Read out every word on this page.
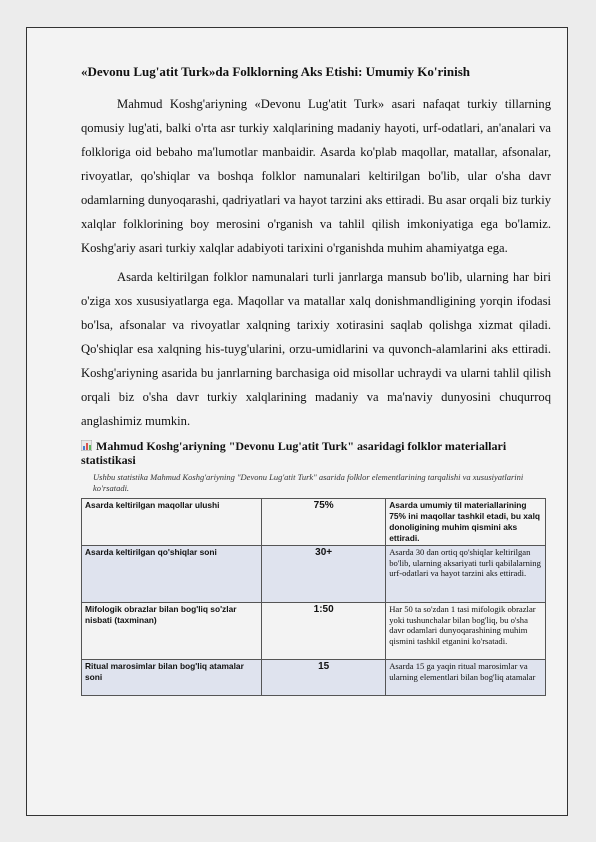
«Devonu Lug'atit Turk»da Folklorning Aks Etishi: Umumiy Ko'rinish

Mahmud Koshg'ariyning «Devonu Lug'atit Turk» asari nafaqat turkiy tillarning qomusiy lug'ati, balki o'rta asr turkiy xalqlarining madaniy hayoti, urf-odatlari, an'analari va folkloriga oid bebaho ma'lumotlar manbaidir. Asarda ko'plab maqollar, matallar, afsonalar, rivoyatlar, qo'shiqlar va boshqa folklor namunalari keltirilgan bo'lib, ular o'sha davr odamlarning dunyoqarashi, qadriyatlari va hayot tarzini aks ettiradi. Bu asar orqali biz turkiy xalqlar folklorining boy merosini o'rganish va tahlil qilish imkoniyatiga ega bo'lamiz. Koshg'ariy asari turkiy xalqlar adabiyoti tarixini o'rganishda muhim ahamiyatga ega.

Asarda keltirilgan folklor namunalari turli janrlarga mansub bo'lib, ularning har biri o'ziga xos xususiyatlarga ega. Maqollar va matallar xalq donishmandligining yorqin ifodasi bo'lsa, afsonalar va rivoyatlar xalqning tarixiy xotirasini saqlab qolishga xizmat qiladi. Qo'shiqlar esa xalqning his-tuyg'ularini, orzu-umidlarini va quvonch-alamlarini aks ettiradi. Koshg'ariyning asarida bu janrlarning barchasiga oid misollar uchraydi va ularni tahlil qilish orqali biz o'sha davr turkiy xalqlarining madaniy va ma'naviy dunyosini chuqurroq anglashimiz mumkin.

Mahmud Koshg'ariyning "Devonu Lug'atit Turk" asaridagi folklor materiallari statistikasi
Ushbu statistika Mahmud Koshg'ariyning "Devonu Lug'atit Turk" asarida folklor elementlarining tarqalishi va xususiyatlarini ko'rsatadi.
Asarda keltirilgan maqollar ulushi	75%	Asarda umumiy til materiallarining 75% ini maqollar tashkil etadi, bu xalq donoligining muhim qismini aks ettiradi.
Asarda keltirilgan qo'shiqlar soni	30+	Asarda 30 dan ortiq qo'shiqlar keltirilgan bo'lib, ularning aksariyati turli qabilalarning urf-odatlari va hayot tarzini aks ettiradi.
Mifologik obrazlar bilan bog'liq so'zlar nisbati (taxminan)	1:50	Har 50 ta so'zdan 1 tasi mifologik obrazlar yoki tushunchalar bilan bog'liq, bu o'sha davr odamlari dunyoqarashining muhim qismini tashkil etganini ko'rsatadi.
Ritual marosimlar bilan bog'liq atamalar soni	15	Asarda 15 ga yaqin ritual marosimlar va ularning elementlari bilan bog'liq atamalar
